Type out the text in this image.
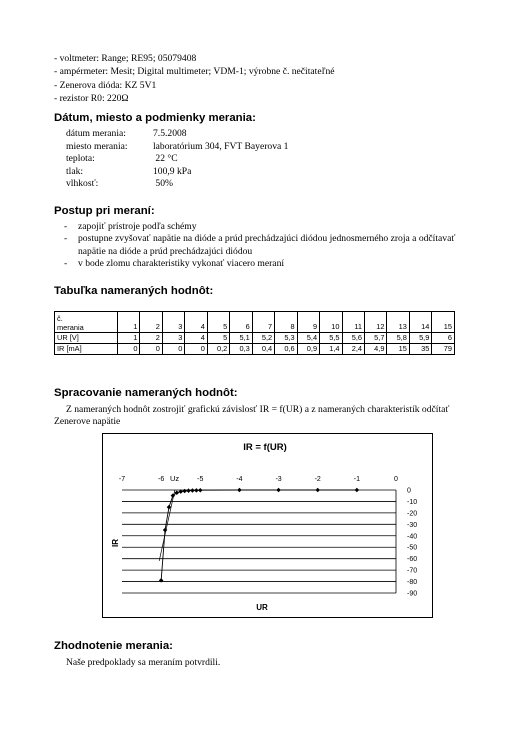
- voltmeter: Range; RE95; 05079408
- ampérmeter: Mesit; Digital multimeter; VDM-1; výrobne č. nečitateľné
- Zenerova dióda: KZ 5V1
- rezistor R0: 220Ω
Dátum, miesto a podmienky merania:
dátum merania:	7.5.2008
miesto merania:	laboratórium 304, FVT Bayerova 1
teplota:	22 °C
tlak:	100,9 kPa
vlhkosť:	50%
Postup pri meraní:
-	zapojiť prístroje podľa schémy
-	postupne zvyšovať napätie na dióde a prúd prechádzajúci diódou jednosmerného zroja a odčítavať napätie na dióde a prúd prechádzajúci diódou
-	v bode zlomu charakteristiky vykonať viacero meraní
Tabuľka nameraných hodnôt:
č.
merania	1	2	3	4	5	6	7	8	9	10	11	12	13	14	15
UR [V]	1	2	3	4	5	5,1	5,2	5,3	5,4	5,5	5,6	5,7	5,8	5,9	6
IR [mA]	0	0	0	0	0,2	0,3	0,4	0,6	0,9	1,4	2,4	4,9	15	35	79
Spracovanie nameraných hodnôt:
Z nameraných hodnôt zostrojiť grafickú závislosť IR = f(UR) a z nameraných charakteristík odčítať Zenerove napätie
IR = f(UR)
-7	-6	-5	-4	-3	-2	-1	0
0
-10
-20
-30
-40
-50
-60
-70
-80
-90
Uz
UR
IR
Zhodnotenie merania:
Naše predpoklady sa meraním potvrdili.
